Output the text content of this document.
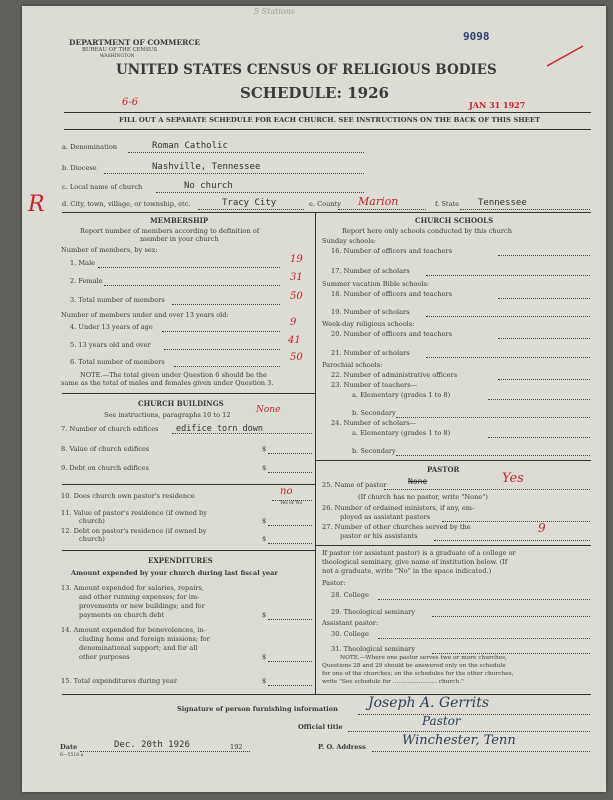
5 Stations
9098
DEPARTMENT OF COMMERCE
BUREAU OF THE CENSUS
WASHINGTON
UNITED STATES CENSUS OF RELIGIOUS BODIES
SCHEDULE: 1926
6-6	JAN 31 1927
FILL OUT A SEPARATE SCHEDULE FOR EACH CHURCH. SEE INSTRUCTIONS ON THE BACK OF THIS SHEET
a. Denomination	Roman Catholic
b. Diocese	Nashville, Tennessee
c. Local name of church	No church
R	d. City, town, village, or township, etc.	Tracy City	e. County Marion	f. State Tennessee
MEMBERSHIP
Report number of members according to definition of
member in your church
Number of members, by sex:
1. Male	19
2. Female	31
3. Total number of members	50
Number of members under and over 13 years old:
4. Under 13 years of age	9
5. 13 years old and over	41
6. Total number of members	50
NOTE.—The total given under Question 6 should be the
same as the total of males and females given under Question 3.
CHURCH BUILDINGS
See instructions, paragraphs 10 to 12	None
7. Number of church edifices edifice torn down
8. Value of church edifices	$
9. Debt on church edifices	$
10. Does church own pastor's residence	no
Yes or No
11. Value of pastor's residence (if owned by
church)	$
12. Debt on pastor's residence (if owned by
church)	$
EXPENDITURES
Amount expended by your church during last fiscal year
13. Amount expended for salaries, repairs,
and other running expenses; for im-
provements or new buildings; and for
payments on church debt	$
14. Amount expended for benevolences, in-
cluding home and foreign missions; for
denominational support; and for all
other purposes	$
15. Total expenditures during year	$
CHURCH SCHOOLS
Report here only schools conducted by this church
Sunday schools:
16. Number of officers and teachers
17. Number of scholars
Summer vacation Bible schools:
18. Number of officers and teachers
19. Number of scholars
Week-day religious schools:
20. Number of officers and teachers
21. Number of scholars
Parochial schools:
22. Number of administrative officers
23. Number of teachers—
a. Elementary (grades 1 to 8)
b. Secondary
24. Number of scholars—
a. Elementary (grades 1 to 8)
b. Secondary
PASTOR
25. Name of pastor	None	Yes
(If church has no pastor, write "None")
26. Number of ordained ministers, if any, em-
ployed as assistant pastors
27. Number of other churches served by the
pastor or his assistants
9
If pastor (or assistant pastor) is a graduate of a college or
theological seminary, give name of institution below. (If
not a graduate, write "No" in the space indicated.)
Pastor:
28. College
29. Theological seminary
Assistant pastor:
30. College
31. Theological seminary
NOTE.—Where one pastor serves two or more churches,
Questions 28 and 29 should be answered only on the schedule
for one of the churches; on the schedules for the other churches,
write "See schedule for ........................ church."
Signature of person furnishing information Joseph A. Gerrits
Official title	Pastor
Date	Dec. 20th 1926	192
6—5518 a
P. O. Address	Winchester, Tenn
